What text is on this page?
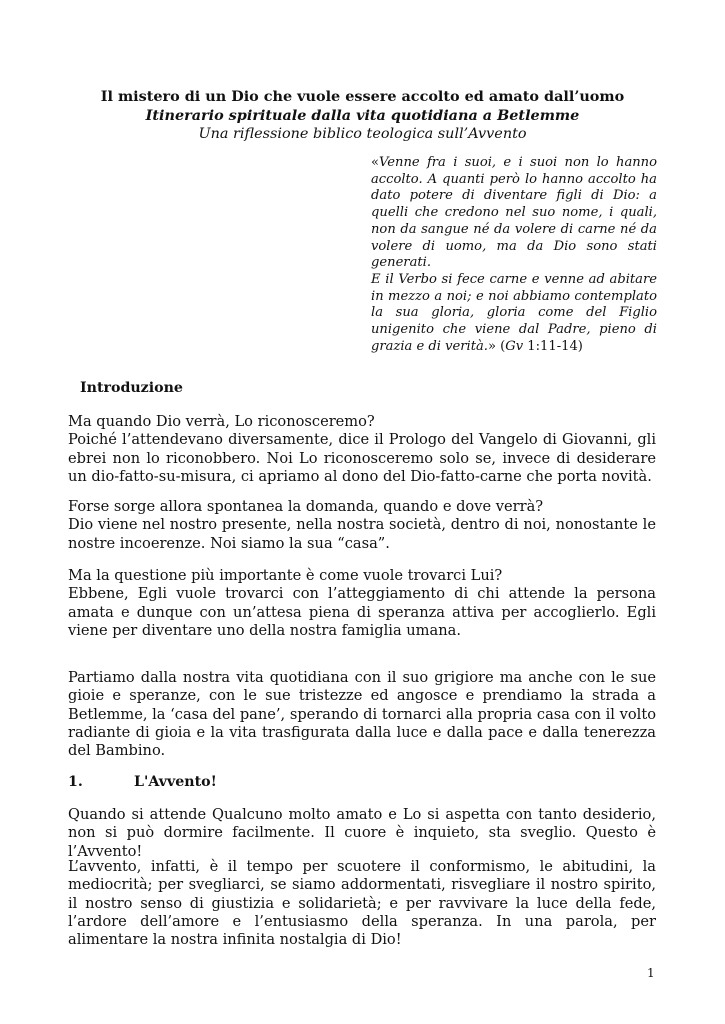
Il mistero di un Dio che vuole essere accolto ed amato dall’uomo
Itinerario spirituale dalla vita quotidiana a Betlemme
Una riflessione biblico teologica sull’Avvento
«Venne fra i suoi, e i suoi non lo hanno accolto. A quanti però lo hanno accolto ha dato potere di diventare figli di Dio: a quelli che credono nel suo nome, i quali, non da sangue né da volere di carne né da volere di uomo, ma da Dio sono stati generati.
E il Verbo si fece carne e venne ad abitare in mezzo a noi; e noi abbiamo contemplato la sua gloria, gloria come del Figlio unigenito che viene dal Padre, pieno di grazia e di verità.» (Gv 1:11-14)
Introduzione
Ma quando Dio verrà, Lo riconosceremo?
Poiché l’attendevano diversamente, dice il Prologo del Vangelo di Giovanni, gli ebrei non lo riconobbero. Noi Lo riconosceremo solo se, invece di desiderare un dio-fatto-su-misura, ci apriamo al dono del Dio-fatto-carne che porta novità.
Forse sorge allora spontanea la domanda, quando e dove verrà?
Dio viene nel nostro presente, nella nostra società, dentro di noi, nonostante le nostre incoerenze. Noi siamo la sua “casa”.
Ma la questione più importante è come vuole trovarci Lui?
Ebbene, Egli vuole trovarci con l’atteggiamento di chi attende la persona amata e dunque con un’attesa piena di speranza attiva per accoglierlo. Egli viene per diventare uno della nostra famiglia umana.
Partiamo dalla nostra vita quotidiana con il suo grigiore ma anche con le sue gioie e speranze, con le sue tristezze ed angosce e prendiamo la strada a Betlemme, la ‘casa del pane’, sperando di tornarci alla propria casa con il volto radiante di gioia e la vita trasfigurata dalla luce e dalla pace e dalla tenerezza del Bambino.
1.	L'Avvento!
Quando si attende Qualcuno molto amato e Lo si aspetta con tanto desiderio, non si può dormire facilmente. Il cuore è inquieto, sta sveglio. Questo è l’Avvento!
L’avvento, infatti, è il tempo per scuotere il conformismo, le abitudini, la mediocrità; per svegliarci, se siamo addormentati, risvegliare il nostro spirito, il nostro senso di giustizia e solidarietà; e per ravvivare la luce della fede, l’ardore dell’amore e l’entusiasmo della speranza. In una parola, per alimentare la nostra infinita nostalgia di Dio!
1
